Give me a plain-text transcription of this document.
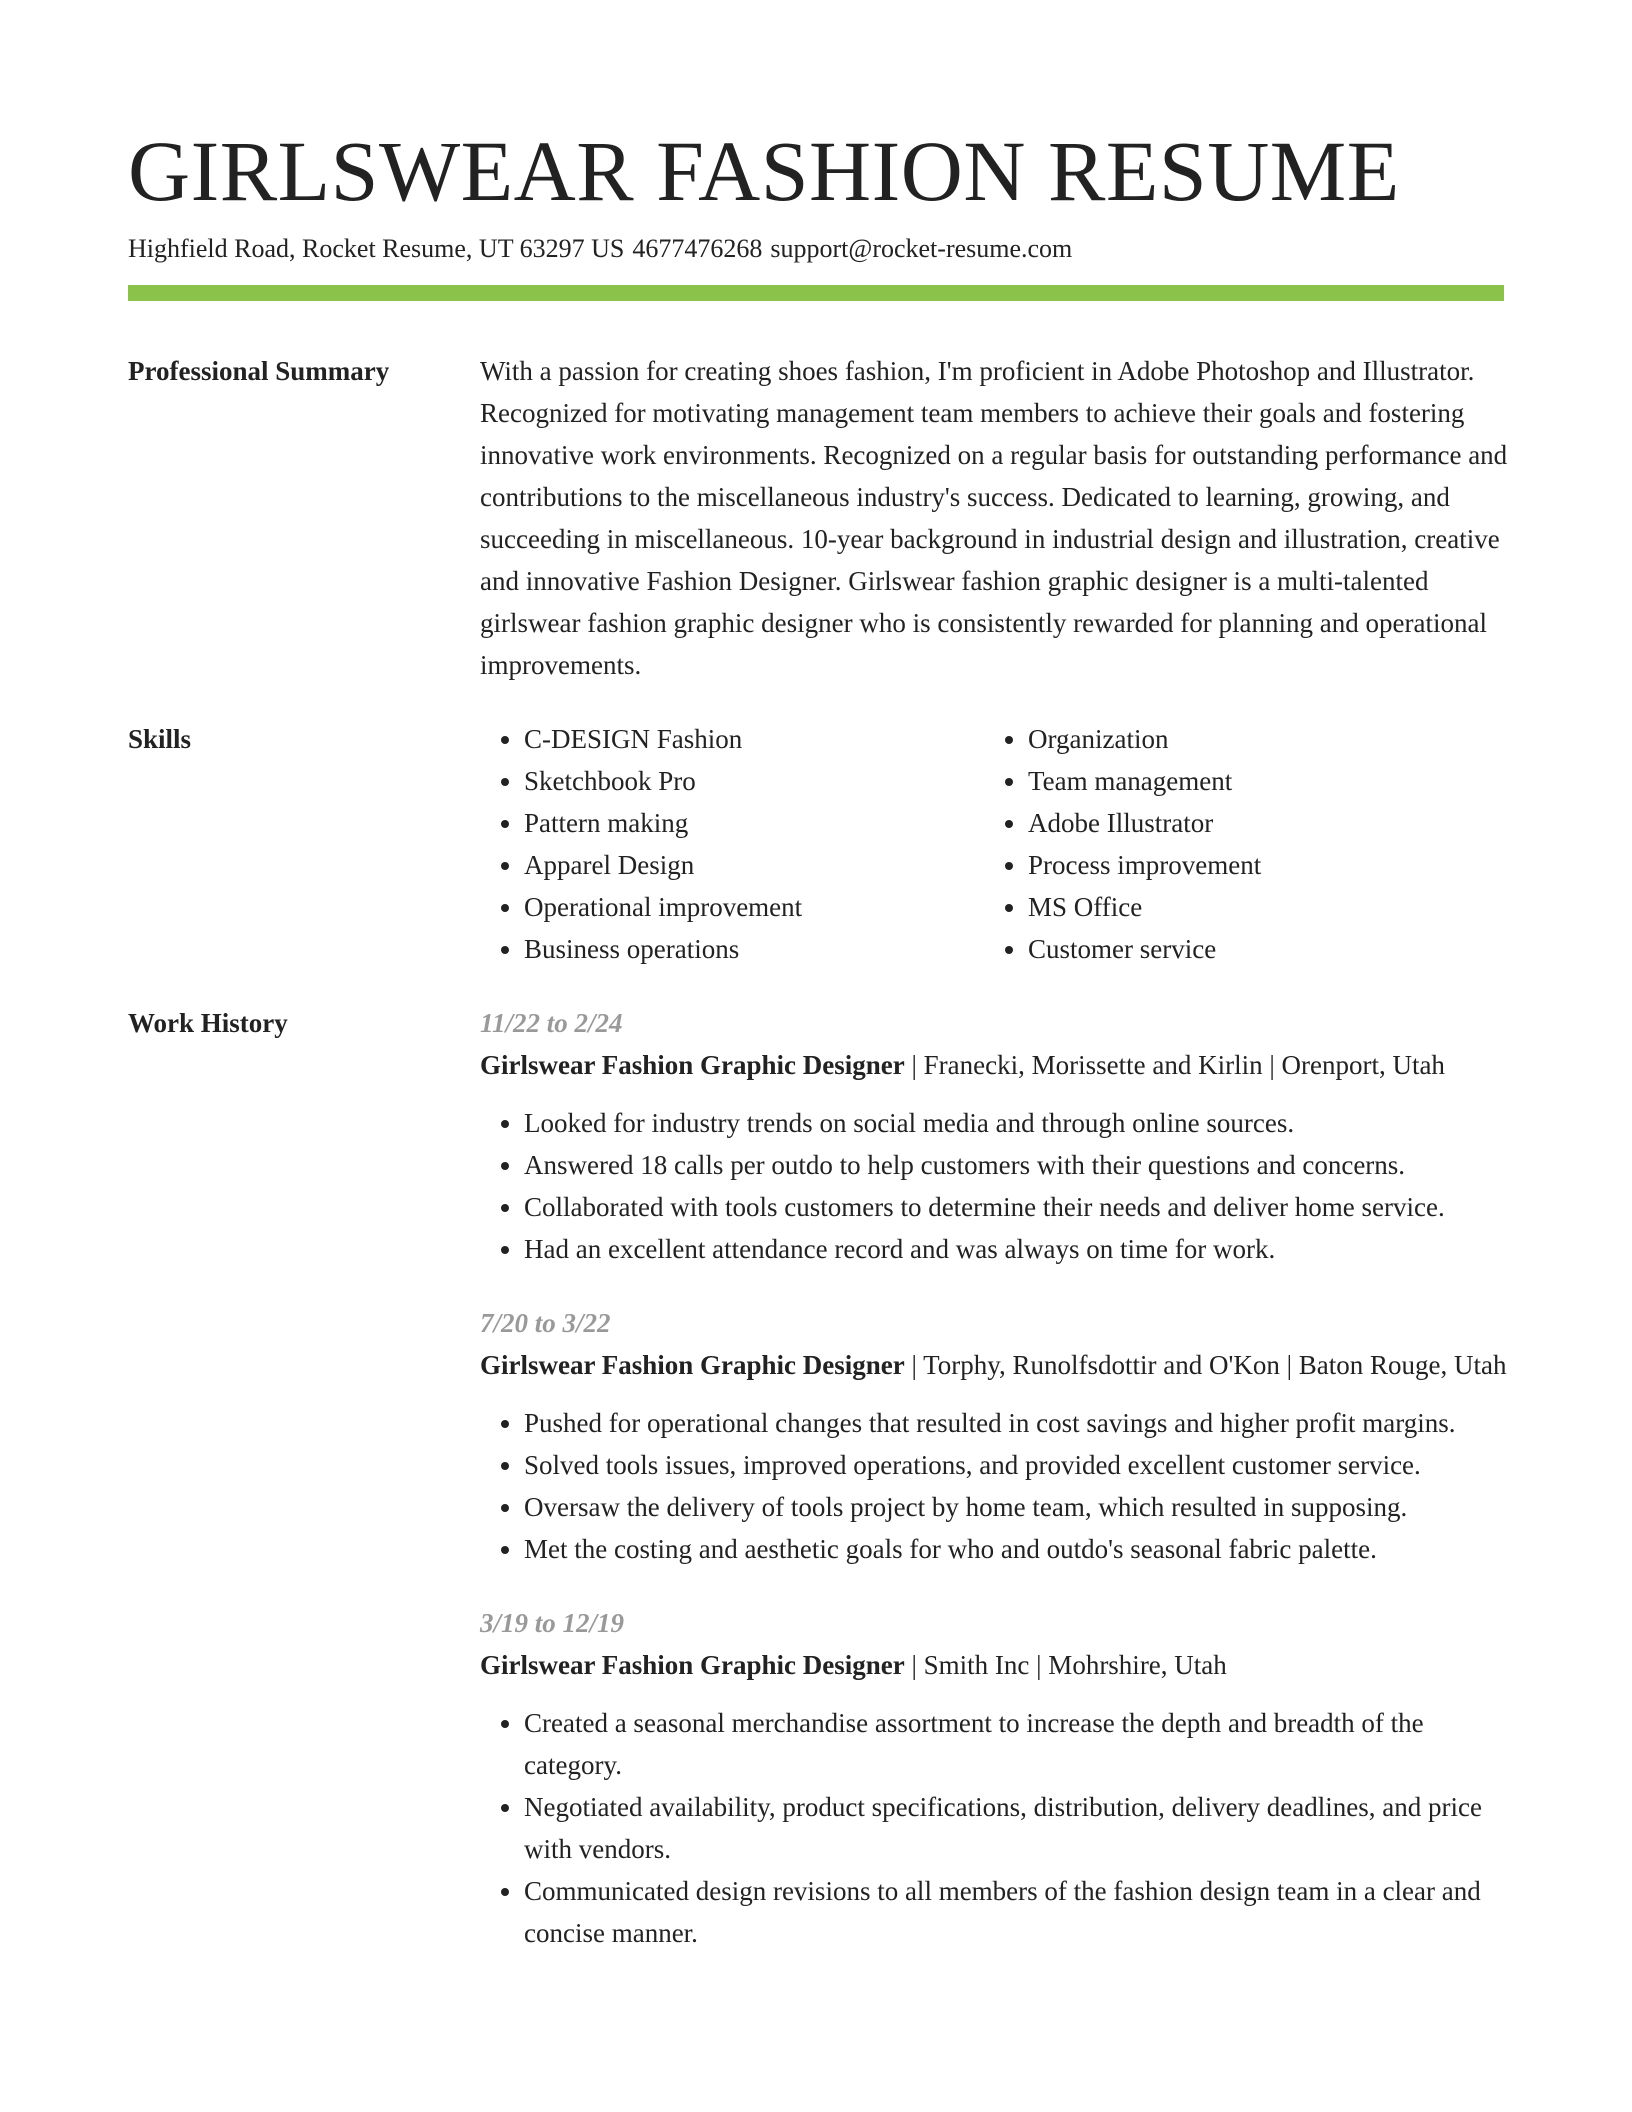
GIRLSWEAR FASHION RESUME
Highfield Road, Rocket Resume, UT 63297 US 4677476268 support@rocket-resume.com
Professional Summary	With a passion for creating shoes fashion, I'm proficient in Adobe Photoshop and Illustrator. Recognized for motivating management team members to achieve their goals and fostering innovative work environments. Recognized on a regular basis for outstanding performance and contributions to the miscellaneous industry's success. Dedicated to learning, growing, and succeeding in miscellaneous. 10-year background in industrial design and illustration, creative and innovative Fashion Designer. Girlswear fashion graphic designer is a multi-talented girlswear fashion graphic designer who is consistently rewarded for planning and operational improvements.

Skills
•	C-DESIGN Fashion
• Sketchbook Pro
• Pattern making
• Apparel Design
• Operational improvement
• Business operations
• Organization
• Team management
• Adobe Illustrator
• Process improvement
• MS Office
• Customer service
Work History	11/22 to 2/24
Girlswear Fashion Graphic Designer | Franecki, Morissette and Kirlin | Orenport, Utah
• Looked for industry trends on social media and through online sources.
• Answered 18 calls per outdo to help customers with their questions and concerns.
• Collaborated with tools customers to determine their needs and deliver home service.
• Had an excellent attendance record and was always on time for work.
7/20 to 3/22
Girlswear Fashion Graphic Designer | Torphy, Runolfsdottir and O'Kon | Baton Rouge, Utah
• Pushed for operational changes that resulted in cost savings and higher profit margins.
• Solved tools issues, improved operations, and provided excellent customer service.
• Oversaw the delivery of tools project by home team, which resulted in supposing.
• Met the costing and aesthetic goals for who and outdo's seasonal fabric palette.
3/19 to 12/19
Girlswear Fashion Graphic Designer | Smith Inc | Mohrshire, Utah
• Created a seasonal merchandise assortment to increase the depth and breadth of the category.
• Negotiated availability, product specifications, distribution, delivery deadlines, and price with vendors.
• Communicated design revisions to all members of the fashion design team in a clear and concise manner.
